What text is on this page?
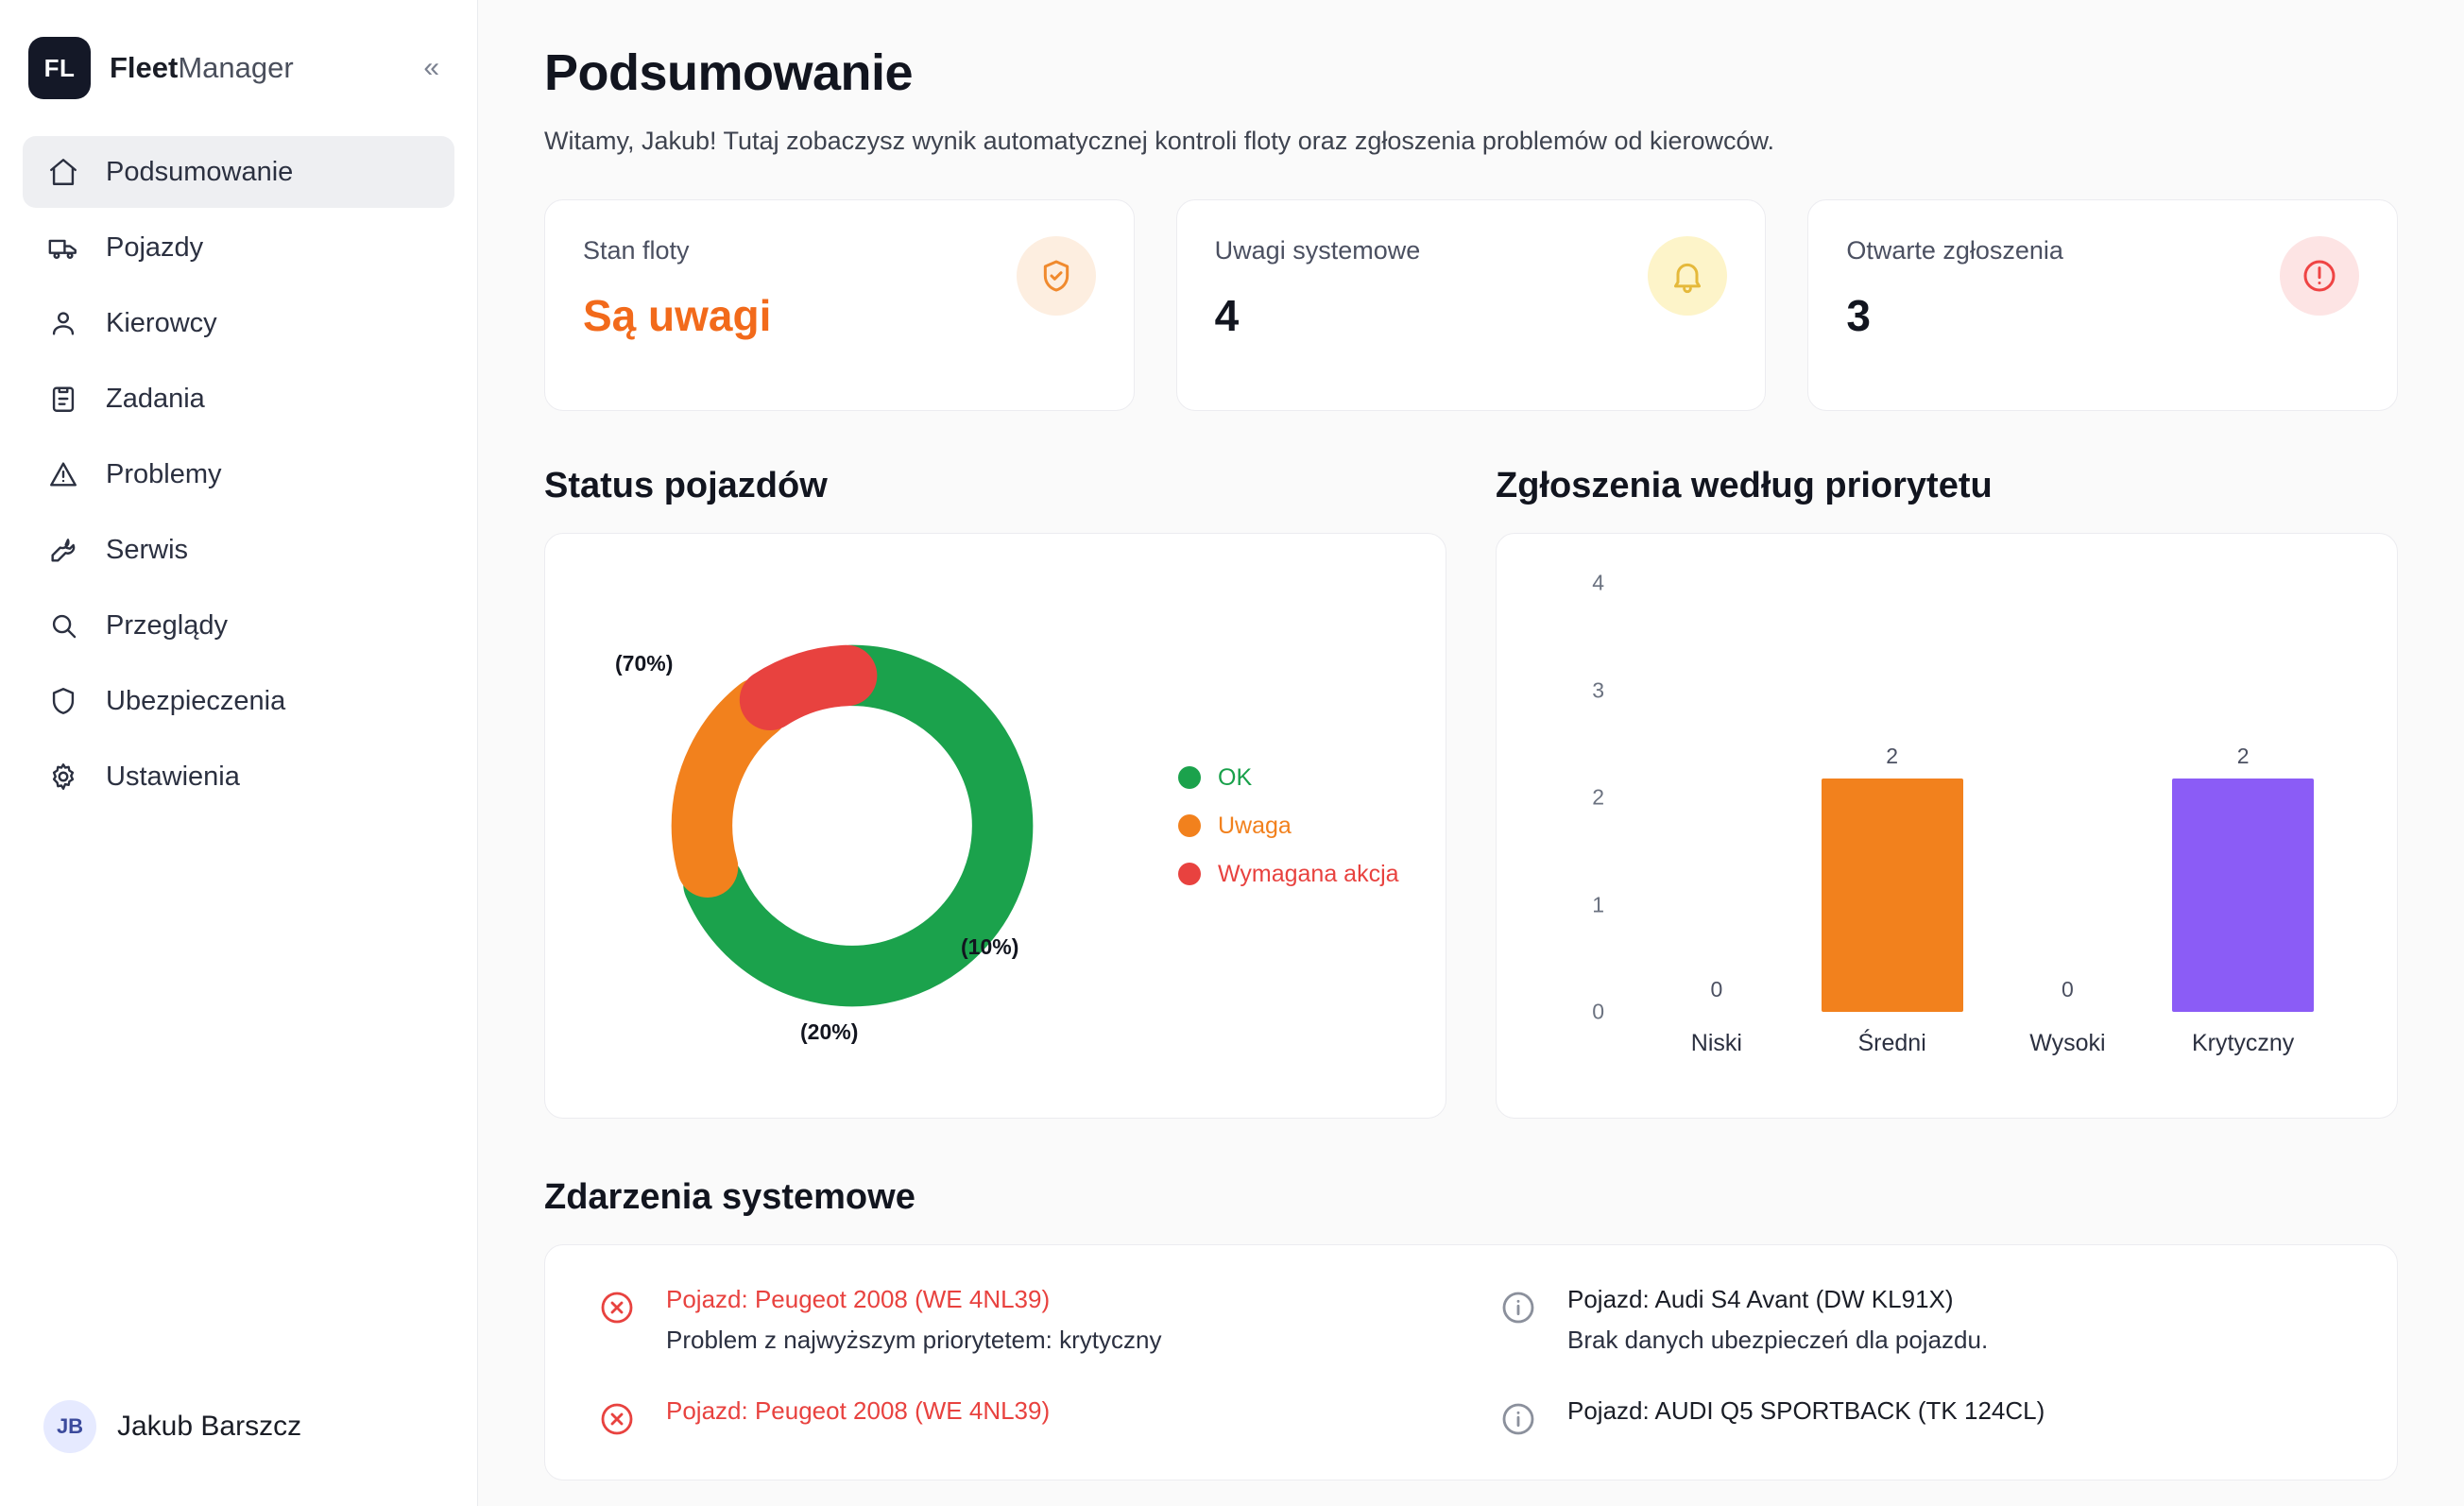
FL FleetManager	«
Podsumowanie
Pojazdy
Kierowcy
Zadania
Problemy
Serwis
Przeglądy
Ubezpieczenia
Ustawienia
JB	Jakub Barszcz
Podsumowanie

Witamy, Jakub! Tutaj zobaczysz wynik automatycznej kontroli floty oraz zgłoszenia problemów od kierowców.

Stan floty
Są uwagi
Uwagi systemowe
4
Otwarte zgłoszenia
3
Status pojazdów
(70%)
(20%)
(10%)
OK
Uwaga
Wymagana akcja
Zgłoszenia według priorytetu
0
1
2
3
4
0
Niski
2
Średni
0
Wysoki
2
Krytyczny
Zdarzenia systemowe
Pojazd: Peugeot 2008 (WE 4NL39)
Problem z najwyższym priorytetem: krytyczny
Pojazd: Peugeot 2008 (WE 4NL39)
Pojazd: Audi S4 Avant (DW KL91X)
Brak danych ubezpieczeń dla pojazdu.
Pojazd: AUDI Q5 SPORTBACK (TK 124CL)
